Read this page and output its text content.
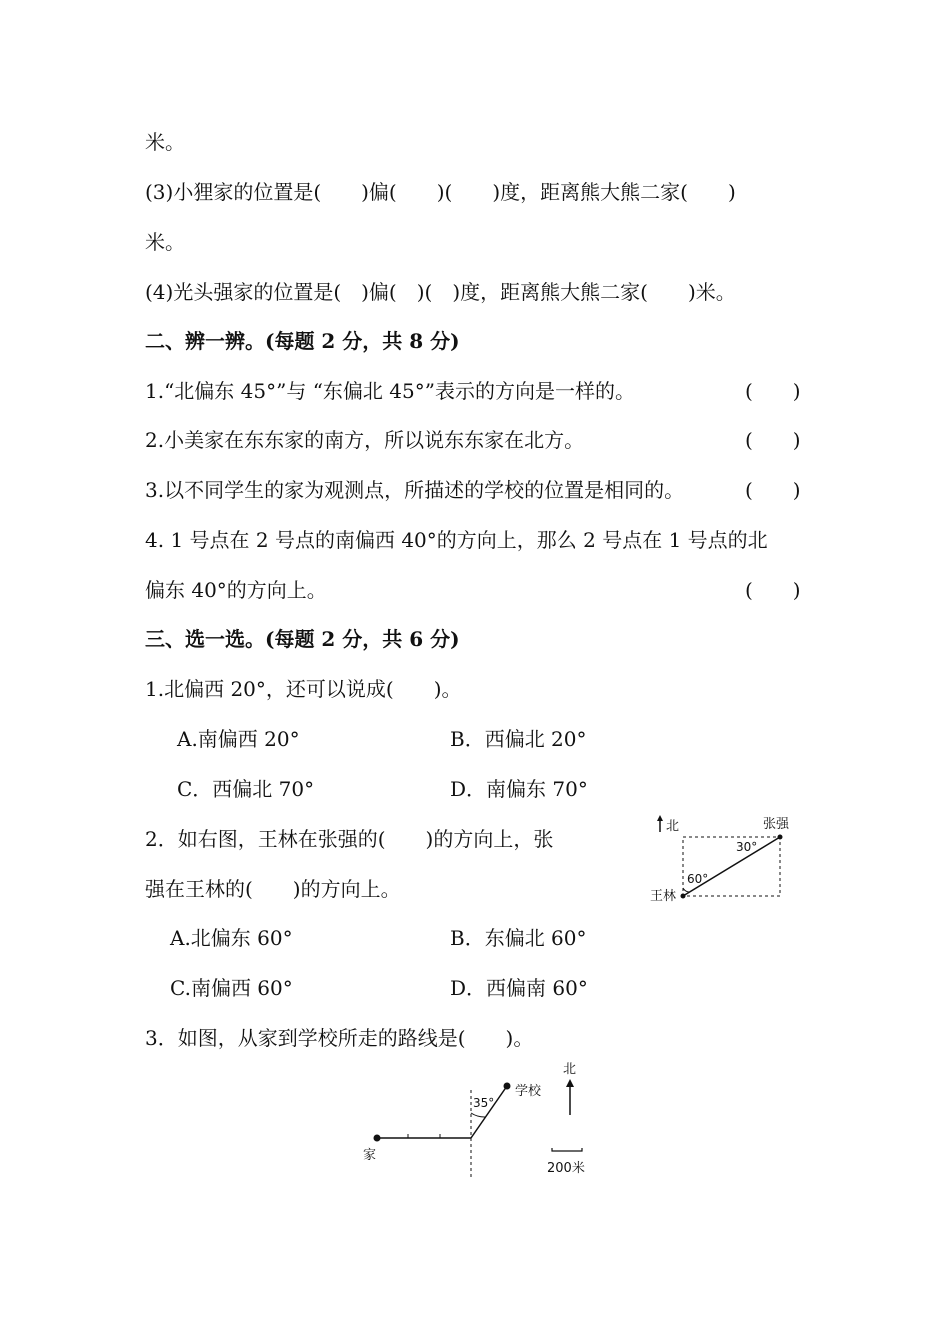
米。
(3)小狸家的位置是(　　)偏(　　)(　　)度，距离熊大熊二家(　　)
米。
(4)光头强家的位置是(　)偏(　)(　)度，距离熊大熊二家(　　)米。
二、辨一辨。(每题 2 分，共 8 分)
1.“北偏东 45°”与 “东偏北 45°”表示的方向是一样的。	(　　)
2.小美家在东东家的南方，所以说东东家在北方。	(　　)
3.以不同学生的家为观测点，所描述的学校的位置是相同的。	(　　)
4. 1 号点在 2 号点的南偏西 40°的方向上，那么 2 号点在 1 号点的北
偏东 40°的方向上。	(　　)
三、选一选。(每题 2 分，共 6 分)
1.北偏西 20°，还可以说成(　　)。
A.南偏西 20°	B．西偏北 20°
C．西偏北 70°	D．南偏东 70°
2．如右图，王林在张强的(　　)的方向上，张
强在王林的(　　)的方向上。
A.北偏东 60°	B．东偏北 60°
C.南偏西 60°	D．西偏南 60°
北	张强
30°
60°
王林
3．如图，从家到学校所走的路线是(　　)。
35°
学校
家
北
200米
